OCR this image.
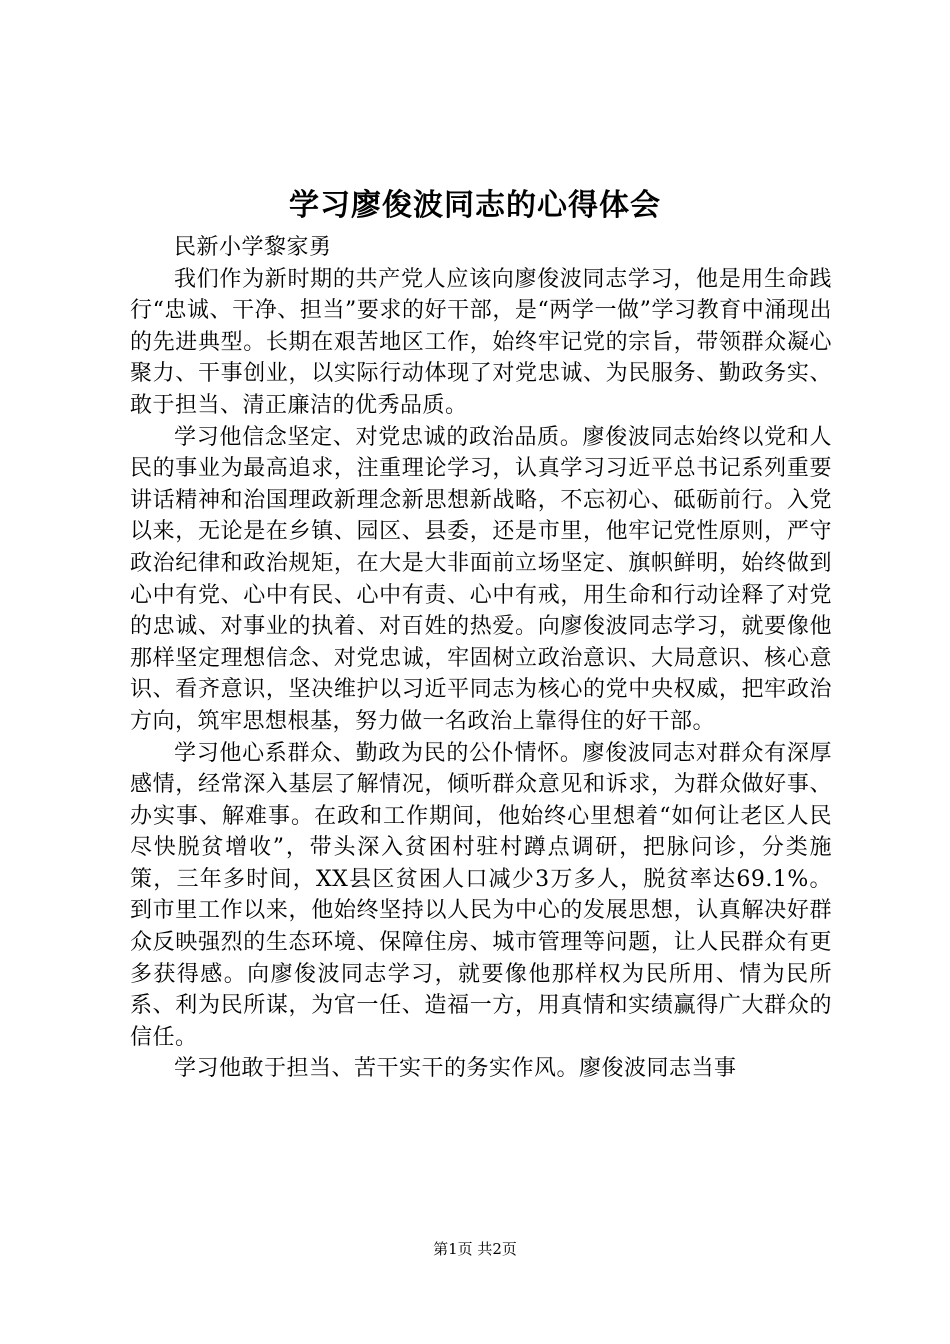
学习廖俊波同志的心得体会

民新小学黎家勇

我们作为新时期的共产党人应该向廖俊波同志学习，他是用生命践行“忠诚、干净、担当”要求的好干部，是“两学一做”学习教育中涌现出的先进典型。长期在艰苦地区工作，始终牢记党的宗旨，带领群众凝心聚力、干事创业，以实际行动体现了对党忠诚、为民服务、勤政务实、敢于担当、清正廉洁的优秀品质。

学习他信念坚定、对党忠诚的政治品质。廖俊波同志始终以党和人民的事业为最高追求，注重理论学习，认真学习习近平总书记系列重要讲话精神和治国理政新理念新思想新战略，不忘初心、砥砺前行。入党以来，无论是在乡镇、园区、县委，还是市里，他牢记党性原则，严守政治纪律和政治规矩，在大是大非面前立场坚定、旗帜鲜明，始终做到心中有党、心中有民、心中有责、心中有戒，用生命和行动诠释了对党的忠诚、对事业的执着、对百姓的热爱。向廖俊波同志学习，就要像他那样坚定理想信念、对党忠诚，牢固树立政治意识、大局意识、核心意识、看齐意识，坚决维护以习近平同志为核心的党中央权威，把牢政治方向，筑牢思想根基，努力做一名政治上靠得住的好干部。

学习他心系群众、勤政为民的公仆情怀。廖俊波同志对群众有深厚感情，经常深入基层了解情况，倾听群众意见和诉求，为群众做好事、办实事、解难事。在政和工作期间，他始终心里想着“如何让老区人民尽快脱贫增收”，带头深入贫困村驻村蹲点调研，把脉问诊，分类施策，三年多时间，XX县区贫困人口减少3万多人，脱贫率达69.1%。到市里工作以来，他始终坚持以人民为中心的发展思想，认真解决好群众反映强烈的生态环境、保障住房、城市管理等问题，让人民群众有更多获得感。向廖俊波同志学习，就要像他那样权为民所用、情为民所系、利为民所谋，为官一任、造福一方，用真情和实绩赢得广大群众的信任。

学习他敢于担当、苦干实干的务实作风。廖俊波同志当事

第1页 共2页
